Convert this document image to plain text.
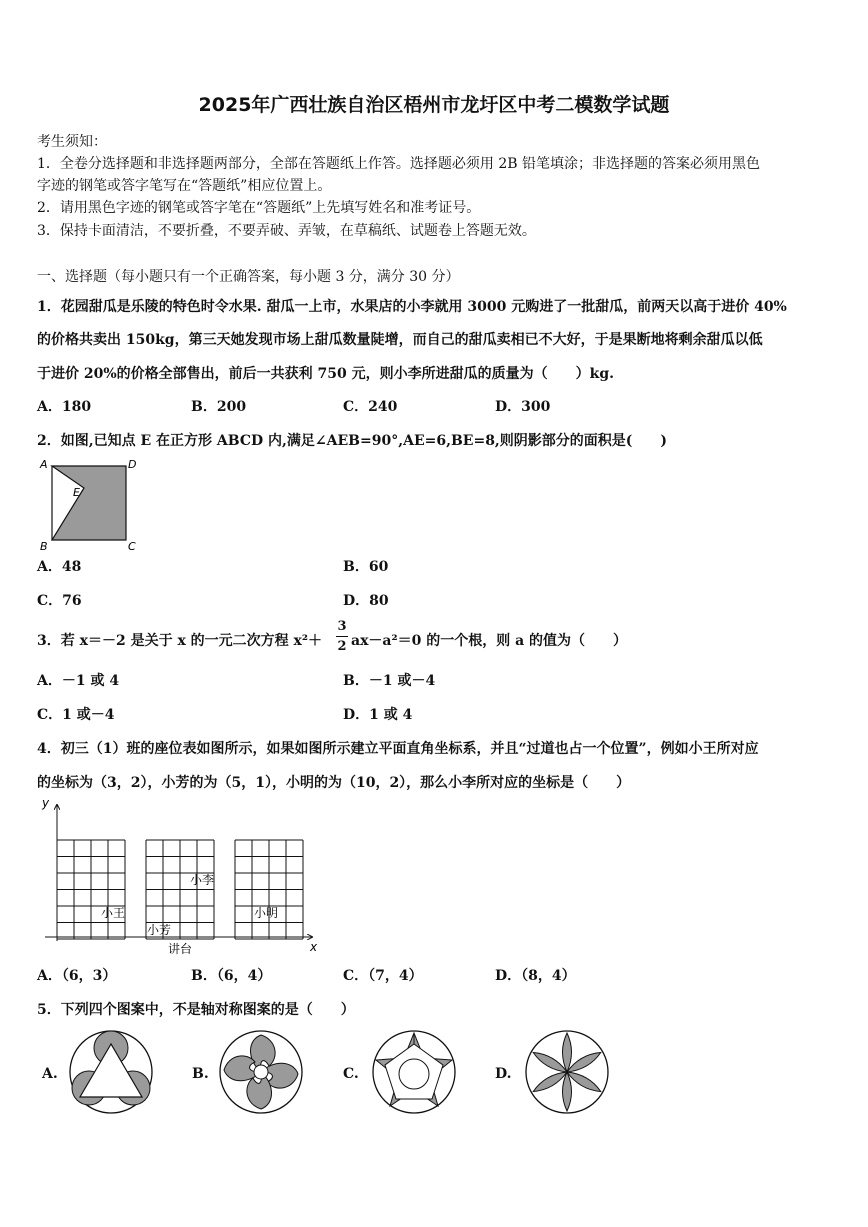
2025年广西壮族自治区梧州市龙圩区中考二模数学试题
考生须知：
1．全卷分选择题和非选择题两部分，全部在答题纸上作答。选择题必须用 2B 铅笔填涂；非选择题的答案必须用黑色
字迹的钢笔或答字笔写在“答题纸”相应位置上。
2．请用黑色字迹的钢笔或答字笔在“答题纸”上先填写姓名和准考证号。
3．保持卡面清洁，不要折叠，不要弄破、弄皱，在草稿纸、试题卷上答题无效。
一、选择题（每小题只有一个正确答案，每小题 3 分，满分 30 分）
1．花园甜瓜是乐陵的特色时令水果. 甜瓜一上市，水果店的小李就用 3000 元购进了一批甜瓜，前两天以高于进价 40%
的价格共卖出 150kg，第三天她发现市场上甜瓜数量陡增，而自己的甜瓜卖相已不大好，于是果断地将剩余甜瓜以低
于进价 20%的价格全部售出，前后一共获利 750 元，则小李所进甜瓜的质量为（　　）kg.
A．180	B．200	C．240	D．300
2．如图,已知点 E 在正方形 ABCD 内,满足∠AEB=90°,AE=6,BE=8,则阴影部分的面积是(　　)
A	D
B	C
E
A．48	B．60
C．76	D．80
3．若 x＝－2 是关于 x 的一元二次方程 x²＋
3
2 ax－a²＝0 的一个根，则 a 的值为（　　）
A．－1 或 4	B．－1 或－4
C．1 或－4	D．1 或 4
4．初三（1）班的座位表如图所示，如果如图所示建立平面直角坐标系，并且“过道也占一个位置”，例如小王所对应
的坐标为（3，2），小芳的为（5，1），小明的为（10，2），那么小李所对应的坐标是（　　）
y
x
小王
小芳
小李
小明
讲台
A．（6，3）	B．（6，4）	C．（7，4）	D．（8，4）
5．下列四个图案中，不是轴对称图案的是（　　）
A.	B.	C.	D.
